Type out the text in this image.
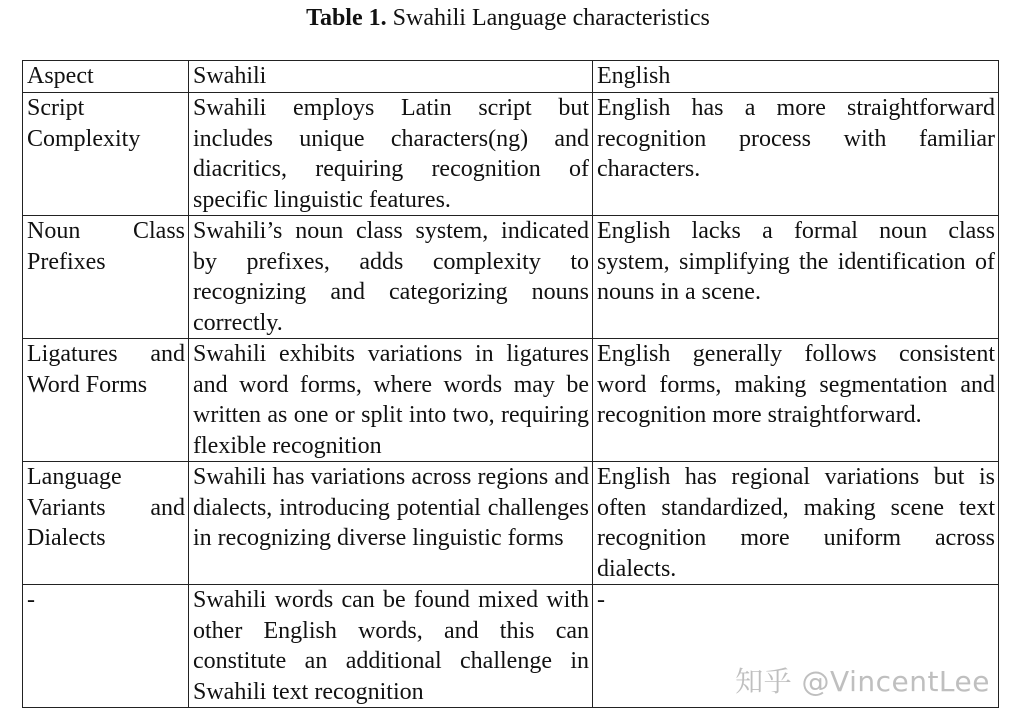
Table 1. Swahili Language characteristics
Aspect	Swahili	English
Script Complexity	Swahili employs Latin script but includes unique characters(ng) and diacritics, requiring recognition of specific linguistic features.	English has a more straightforward recognition process with familiar characters.
Noun Class Prefixes	Swahili’s noun class system, indicated by prefixes, adds complexity to recognizing and categorizing nouns correctly.	English lacks a formal noun class system, simplifying the identification of nouns in a scene.
Ligatures and Word Forms	Swahili exhibits variations in ligatures and word forms, where words may be written as one or split into two, requiring flexible recognition	English generally follows consistent word forms, making segmentation and recognition more straightforward.
Language Variants and Dialects	Swahili has variations across regions and dialects, introducing potential challenges in recognizing diverse linguistic forms	English has regional variations but is often standardized, making scene text recognition more uniform across dialects.
-	Swahili words can be found mixed with other English words, and this can constitute an additional challenge in Swahili text recognition	-
知乎 @VincentLee
